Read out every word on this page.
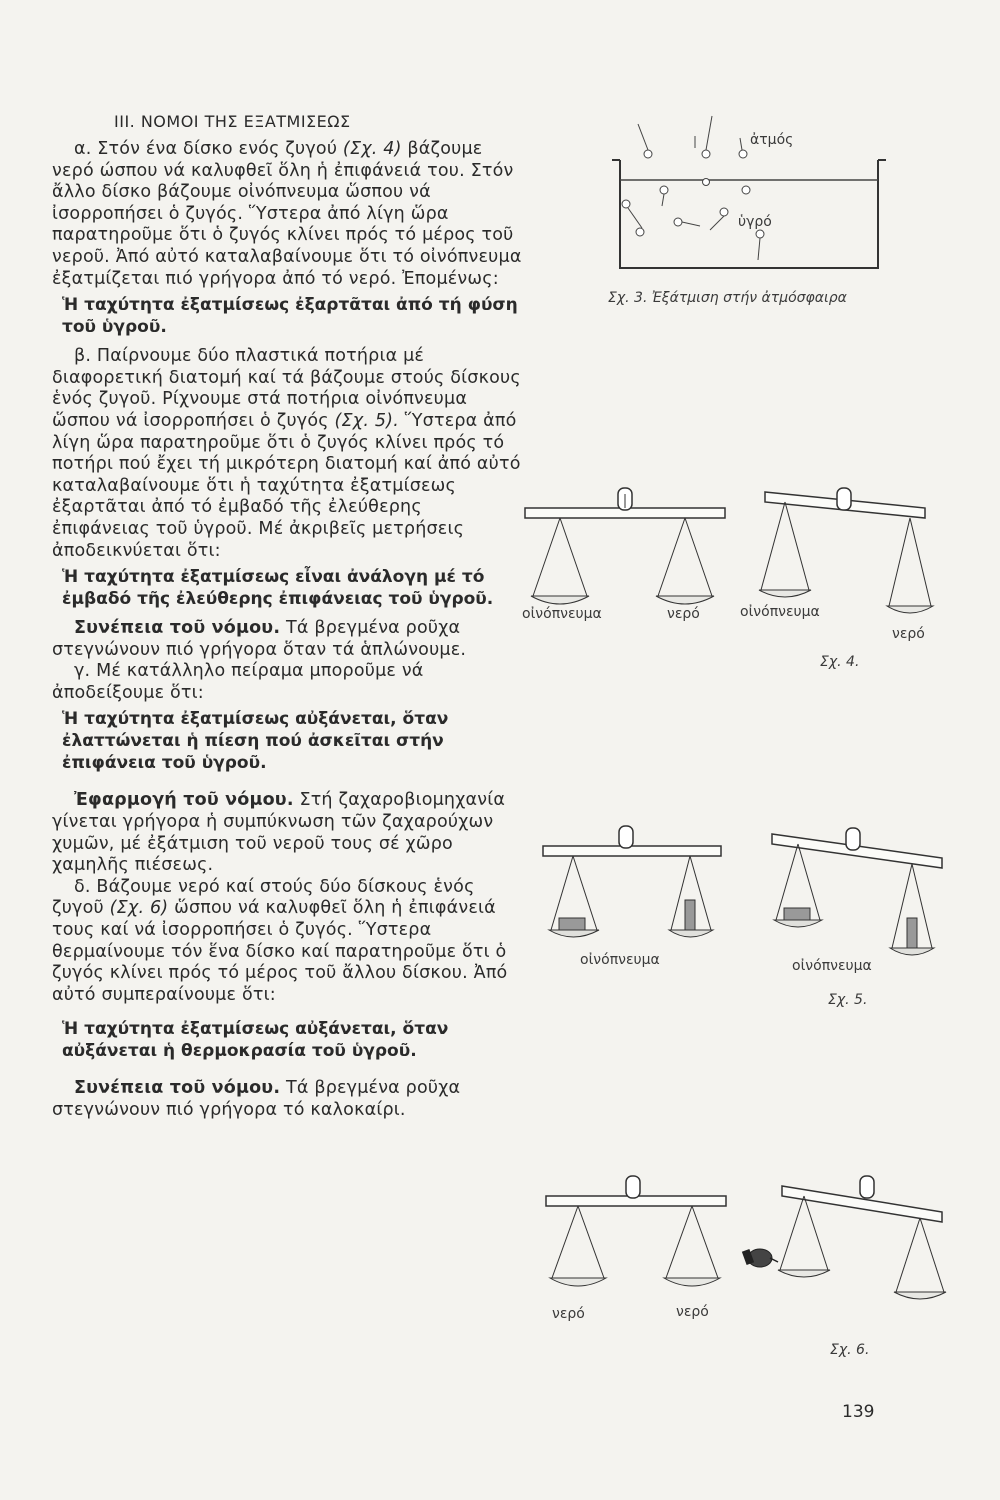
III. ΝΟΜΟΙ ΤΗΣ ΕΞΑΤΜΙΣΕΩΣ

α. Στόν ένα δίσκο ενός ζυγού (Σχ. 4) βάζουμε νερό ώσπου νά καλυφθεῖ ὅλη ἡ ἐπιφάνειά του. Στόν ἄλλο δίσκο βάζουμε οἰνόπνευμα ὥσπου νά ἰσορροπήσει ὁ ζυγός. Ὕστερα ἀπό λίγη ὥρα παρατηροῦμε ὅτι ὁ ζυγός κλίνει πρός τό μέρος τοῦ νεροῦ. Ἀπό αὐτό καταλαβαίνουμε ὅτι τό οἰνόπνευμα ἐξατμίζεται πιό γρήγορα ἀπό τό νερό. Ἐπομένως:

Ἡ ταχύτητα ἐξατμίσεως ἐξαρτᾶται ἀπό τή φύση τοῦ ὑγροῦ.

β. Παίρνουμε δύο πλαστικά ποτήρια μέ διαφορετική διατομή καί τά βάζουμε στούς δίσκους ἑνός ζυγοῦ. Ρίχνουμε στά ποτήρια οἰνόπνευμα ὥσπου νά ἰσορροπήσει ὁ ζυγός (Σχ. 5). Ὕστερα ἀπό λίγη ὥρα παρατηροῦμε ὅτι ὁ ζυγός κλίνει πρός τό ποτήρι πού ἔχει τή μικρότερη διατομή καί ἀπό αὐτό καταλαβαίνουμε ὅτι ἡ ταχύτητα ἐξατμίσεως ἐξαρτᾶται ἀπό τό ἐμβαδό τῆς ἐλεύθερης ἐπιφάνειας τοῦ ὑγροῦ. Μέ ἀκριβεῖς μετρήσεις ἀποδεικνύεται ὅτι:

Ἡ ταχύτητα ἐξατμίσεως εἶναι ἀνάλογη μέ τό ἐμβαδό τῆς ἐλεύθερης ἐπιφάνειας τοῦ ὑγροῦ.

Συνέπεια τοῦ νόμου. Τά βρεγμένα ροῦχα στεγνώνουν πιό γρήγορα ὅταν τά ἁπλώνουμε.

γ. Μέ κατάλληλο πείραμα μποροῦμε νά ἀποδείξουμε ὅτι:

Ἡ ταχύτητα ἐξατμίσεως αὐξάνεται, ὅταν ἐλαττώνεται ἡ πίεση πού ἀσκεῖται στήν ἐπιφάνεια τοῦ ὑγροῦ.

Ἐφαρμογή τοῦ νόμου. Στή ζαχαροβιομηχανία γίνεται γρήγορα ἡ συμπύκνωση τῶν ζαχαρούχων χυμῶν, μέ ἐξάτμιση τοῦ νεροῦ τους σέ χῶρο χαμηλῆς πιέσεως.

δ. Βάζουμε νερό καί στούς δύο δίσκους ἑνός ζυγοῦ (Σχ. 6) ὥσπου νά καλυφθεῖ ὅλη ἡ ἐπιφάνειά τους καί νά ἰσορροπήσει ὁ ζυγός. Ὕστερα θερμαίνουμε τόν ἕνα δίσκο καί παρατηροῦμε ὅτι ὁ ζυγός κλίνει πρός τό μέρος τοῦ ἄλλου δίσκου. Ἀπό αὐτό συμπεραίνουμε ὅτι:

Ἡ ταχύτητα ἐξατμίσεως αὐξάνεται, ὅταν αὐξάνεται ἡ θερμοκρασία τοῦ ὑγροῦ.

Συνέπεια τοῦ νόμου. Τά βρεγμένα ροῦχα στεγνώνουν πιό γρήγορα τό καλοκαίρι.

ἀτμός
ὑγρό
Σχ. 3. Ἐξάτμιση στήν ἀτμόσφαιρα
οἰνόπνευμα	νερό	οἰνόπνευμα
νερό
Σχ. 4.
οἰνόπνευμα	οἰνόπνευμα
Σχ. 5.
νερό	νερό
Σχ. 6.
139
